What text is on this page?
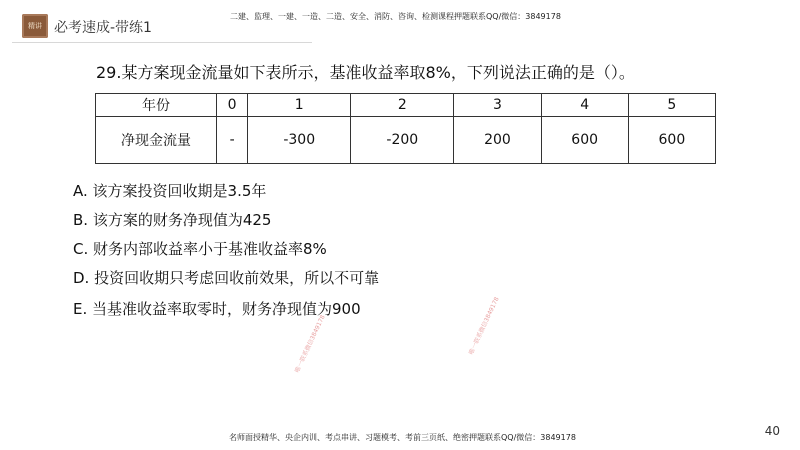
精讲 必考速成-带练1
二建、监理、一建、一造、二造、安全、消防、咨询、检测课程押题联系QQ/微信：3849178
29.某方案现金流量如下表所示，基准收益率取8%，下列说法正确的是（）。
年份	0	1	2	3	4	5
净现金流量	-	-300	-200	200	600	600
A. 该方案投资回收期是3.5年
B. 该方案的财务净现值为425
C. 财务内部收益率小于基准收益率8%
D. 投资回收期只考虑回收前效果，所以不可靠
E. 当基准收益率取零时，财务净现值为900
唯一联系微信3849178	唯一联系微信3849178
40
名师面授精华、央企内训、考点串讲、习题模考、考前三页纸、绝密押题联系QQ/微信：3849178
